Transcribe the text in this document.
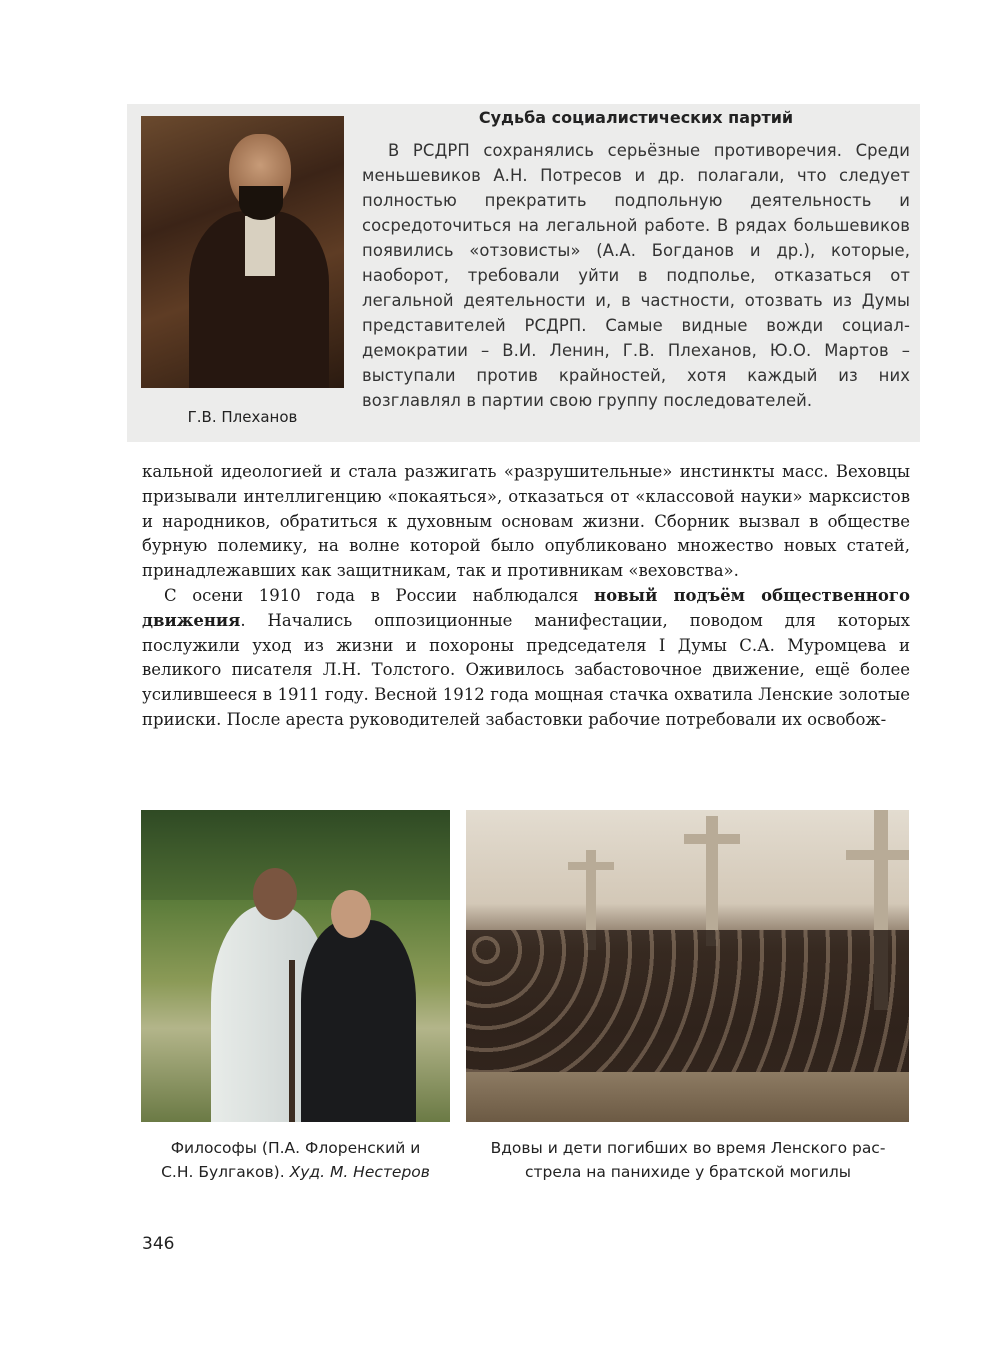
Г.В. Плеханов
Судьба социалистических партий

В РСДРП сохранялись серьёзные противоречия. Среди меньшевиков А.Н. Потресов и др. полагали, что следует полностью прекратить подпольную деятельность и сосредоточиться на легальной работе. В рядах большевиков появились «отзовисты» (А.А. Богданов и др.), которые, наоборот, требовали уйти в подполье, отказаться от легальной деятельности и, в частности, отозвать из Думы представителей РСДРП. Самые видные вожди социал-демократии – В.И. Ленин, Г.В. Плеханов, Ю.О. Мартов – выступали против крайностей, хотя каждый из них возглавлял в партии свою группу последователей.

кальной идеологией и стала разжигать «разрушительные» инстинкты масс. Веховцы призывали интеллигенцию «покаяться», отказаться от «классовой науки» марксистов и народников, обратиться к духовным основам жизни. Сборник вызвал в обществе бурную полемику, на волне которой было опубликовано множество новых статей, принадлежавших как защитникам, так и противникам «веховства».

С осени 1910 года в России наблюдался новый подъём общественного движения. Начались оппозиционные манифестации, поводом для которых послужили уход из жизни и похороны председателя I Думы С.А. Муромцева и великого писателя Л.Н. Толстого. Оживилось забастовочное движение, ещё более усилившееся в 1911 году. Весной 1912 года мощная стачка охватила Ленские золотые прииски. После ареста руководителей забастовки рабочие потребовали их освобож-

Философы (П.А. Флоренский и
С.Н. Булгаков). Худ. М. Нестеров
Вдовы и дети погибших во время Ленского рас-
стрела на панихиде у братской могилы
346
